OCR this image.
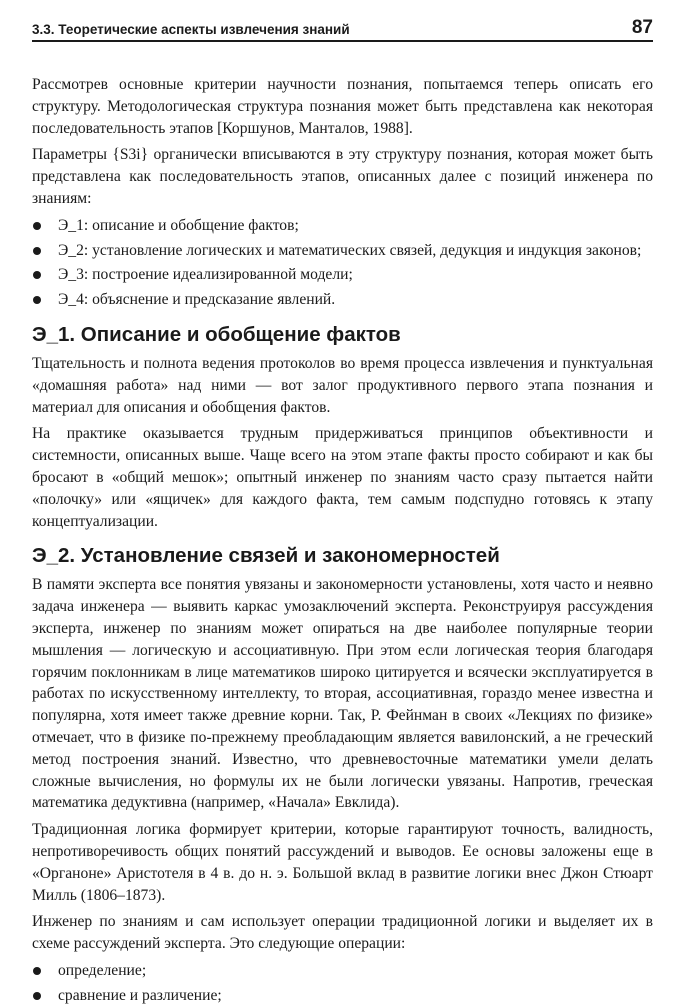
3.3. Теоретические аспекты извлечения знаний	87

Рассмотрев основные критерии научности познания, попытаемся теперь описать его структуру. Методологическая структура познания может быть представлена как некоторая последовательность этапов [Коршунов, Манталов, 1988].

Параметры {S3i} органически вписываются в эту структуру познания, которая может быть представлена как последовательность этапов, описанных далее с позиций инженера по знаниям:

Э_1: описание и обобщение фактов;
Э_2: установление логических и математических связей, дедукция и индукция законов;
Э_3: построение идеализированной модели;
Э_4: объяснение и предсказание явлений.
Э_1. Описание и обобщение фактов

Тщательность и полнота ведения протоколов во время процесса извлечения и пунктуальная «домашняя работа» над ними — вот залог продуктивного первого этапа познания и материал для описания и обобщения фактов.

На практике оказывается трудным придерживаться принципов объективности и системности, описанных выше. Чаще всего на этом этапе факты просто собирают и как бы бросают в «общий мешок»; опытный инженер по знаниям часто сразу пытается найти «полочку» или «ящичек» для каждого факта, тем самым подспудно готовясь к этапу концептуализации.

Э_2. Установление связей и закономерностей

В памяти эксперта все понятия увязаны и закономерности установлены, хотя часто и неявно задача инженера — выявить каркас умозаключений эксперта. Реконструируя рассуждения эксперта, инженер по знаниям может опираться на две наиболее популярные теории мышления — логическую и ассоциативную. При этом если логическая теория благодаря горячим поклонникам в лице математиков широко цитируется и всячески эксплуатируется в работах по искусственному интеллекту, то вторая, ассоциативная, гораздо менее известна и популярна, хотя имеет также древние корни. Так, Р. Фейнман в своих «Лекциях по физике» отмечает, что в физике по-прежнему преобладающим является вавилонский, а не греческий метод построения знаний. Известно, что древневосточные математики умели делать сложные вычисления, но формулы их не были логически увязаны. Напротив, греческая математика дедуктивна (например, «Начала» Евклида).

Традиционная логика формирует критерии, которые гарантируют точность, валидность, непротиворечивость общих понятий рассуждений и выводов. Ее основы заложены еще в «Органоне» Аристотеля в 4 в. до н. э. Большой вклад в развитие логики внес Джон Стюарт Милль (1806–1873).

Инженер по знаниям и сам использует операции традиционной логики и выделяет их в схеме рассуждений эксперта. Это следующие операции:

определение;
сравнение и различение;
